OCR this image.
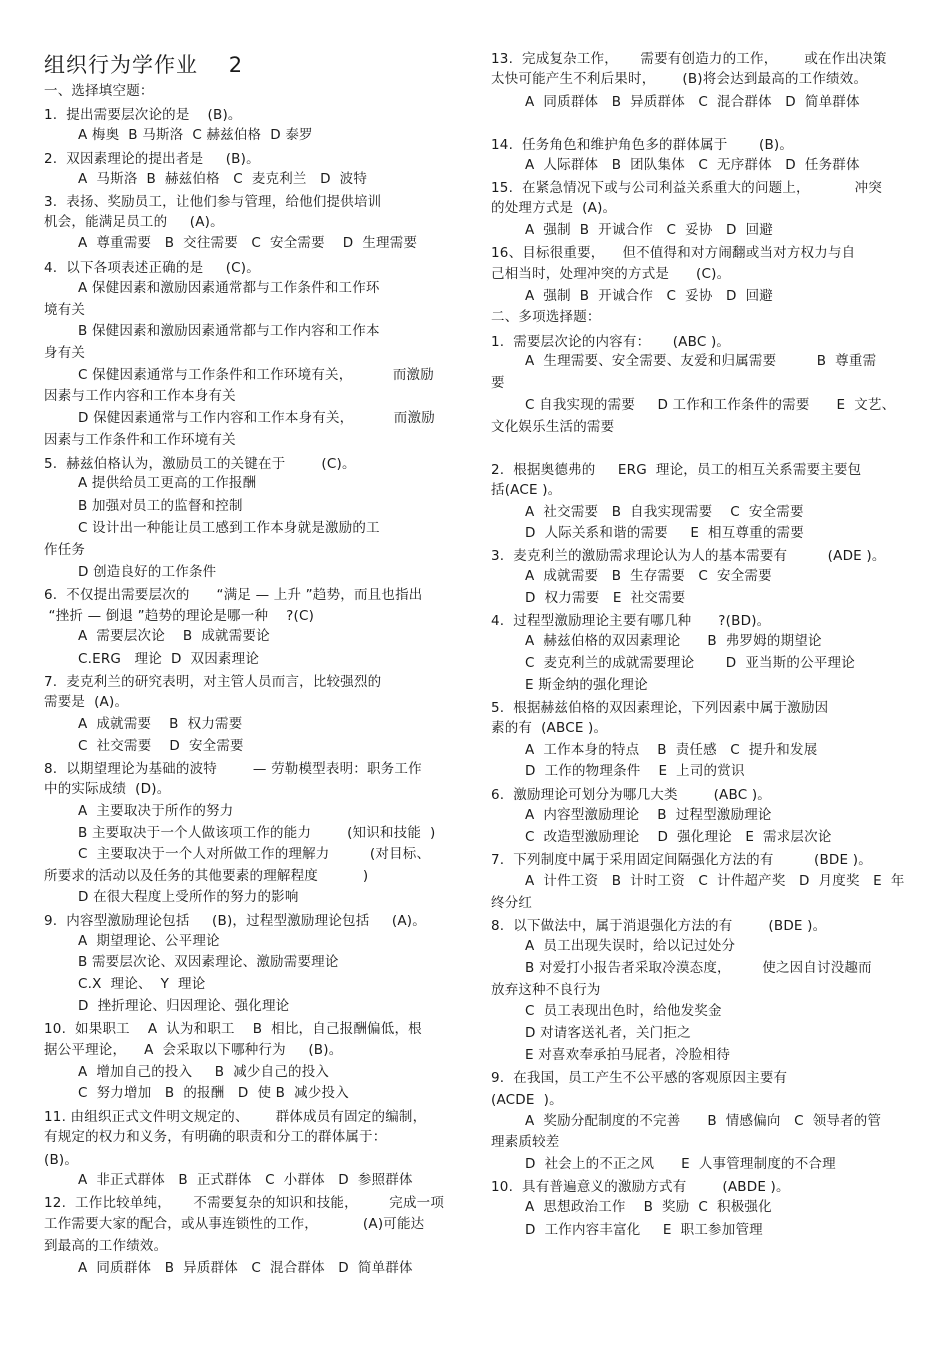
组织行为学作业    2
一、选择填空题：
1.  提出需要层次论的是    (B)。
A 梅奥  B 马斯洛  C 赫兹伯格  D 泰罗
2.  双因素理论的提出者是     (B)。
A  马斯洛  B  赫兹伯格   C  麦克利兰   D  波特
3.  表扬、奖励员工，让他们参与管理，给他们提供培训
机会，能满足员工的     (A)。
A  尊重需要   B  交往需要   C  安全需要    D  生理需要
4.  以下各项表述正确的是     (C)。
A 保健因素和激励因素通常都与工作条件和工作环
境有关
B 保健因素和激励因素通常都与工作内容和工作本
身有关
C 保健因素通常与工作条件和工作环境有关，         而激励
因素与工作内容和工作本身有关
D 保健因素通常与工作内容和工作本身有关，         而激励
因素与工作条件和工作环境有关
5.  赫兹伯格认为，激励员工的关键在于        (C)。
A 提供给员工更高的工作报酬
B 加强对员工的监督和控制
C 设计出一种能让员工感到工作本身就是激励的工
作任务
D 创造良好的工作条件
6.  不仅提出需要层次的      “满足 — 上升 ”趋势，而且也指出
“挫折 — 倒退 ”趋势的理论是哪一种    ?(C)
A  需要层次论    B  成就需要论
C.ERG   理论  D  双因素理论
7.  麦克利兰的研究表明，对主管人员而言，比较强烈的
需要是  (A)。
A  成就需要    B  权力需要
C  社交需要    D  安全需要
8.  以期望理论为基础的波特        — 劳勒模型表明：职务工作
中的实际成绩  (D)。
A  主要取决于所作的努力
B 主要取决于一个人做该项工作的能力        (知识和技能  )
C  主要取决于一个人对所做工作的理解力         (对目标、
所要求的活动以及任务的其他要素的理解程度          )
D 在很大程度上受所作的努力的影响
9.  内容型激励理论包括     (B)，过程型激励理论包括     (A)。
A  期望理论、公平理论
B 需要层次论、双因素理论、激励需要理论
C.X  理论、  Y  理论
D  挫折理论、归因理论、强化理论
10.  如果职工    A  认为和职工    B  相比，自己报酬偏低，根
据公平理论，    A  会采取以下哪种行为     (B)。
A  增加自己的投入     B  减少自己的投入
C  努力增加   B  的报酬   D  使 B  减少投入
11. 由组织正式文件明文规定的、      群体成员有固定的编制，
有规定的权力和义务，有明确的职责和分工的群体属于：
(B)。
A  非正式群体   B  正式群体   C  小群体   D  参照群体
12.  工作比较单纯，     不需要复杂的知识和技能，       完成一项
工作需要大家的配合，或从事连锁性的工作，          (A)可能达
到最高的工作绩效。
A  同质群体   B  异质群体   C  混合群体   D  简单群体
13.  完成复杂工作，     需要有创造力的工作，      或在作出决策
太快可能产生不利后果时，      (B)将会达到最高的工作绩效。
A  同质群体   B  异质群体   C  混合群体   D  简单群体
14.  任务角色和维护角色多的群体属于       (B)。
A  人际群体   B  团队集体   C  无序群体   D  任务群体
15.  在紧急情况下或与公司利益关系重大的问题上，          冲突
的处理方式是  (A)。
A  强制  B  开诚合作   C  妥协   D  回避
16、目标很重要，    但不值得和对方闹翻或当对方权力与自
己相当时，处理冲突的方式是      (C)。
A  强制  B  开诚合作   C  妥协   D  回避
二、多项选择题：
1.  需要层次论的内容有：     (ABC )。
A  生理需要、安全需要、友爱和归属需要         B  尊重需
要
C 自我实现的需要     D 工作和工作条件的需要      E  文艺、
文化娱乐生活的需要
2.  根据奥德弗的     ERG  理论，员工的相互关系需要主要包
括(ACE )。
A  社交需要   B  自我实现需要    C  安全需要
D  人际关系和谐的需要     E  相互尊重的需要
3.  麦克利兰的激励需求理论认为人的基本需要有         (ADE )。
A  成就需要   B  生存需要   C  安全需要
D  权力需要   E  社交需要
4.  过程型激励理论主要有哪几种      ?(BD)。
A  赫兹伯格的双因素理论      B  弗罗姆的期望论
C  麦克利兰的成就需要理论       D  亚当斯的公平理论
E 斯金纳的强化理论
5.  根据赫兹伯格的双因素理论，下列因素中属于激励因
素的有  (ABCE )。
A  工作本身的特点    B  责任感   C  提升和发展
D  工作的物理条件    E  上司的赏识
6.  激励理论可划分为哪几大类        (ABC )。
A  内容型激励理论    B  过程型激励理论
C  改造型激励理论    D  强化理论   E  需求层次论
7.  下列制度中属于采用固定间隔强化方法的有         (BDE )。
A  计件工资   B  计时工资   C  计件超产奖   D  月度奖   E  年
终分红
8.  以下做法中，属于消退强化方法的有        (BDE )。
A  员工出现失误时，给以记过处分
B 对爱打小报告者采取冷漠态度，       使之因自讨没趣而
放弃这种不良行为
C  员工表现出色时，给他发奖金
D 对请客送礼者，关门拒之
E 对喜欢奉承拍马屁者，冷脸相待
9.  在我国，员工产生不公平感的客观原因主要有
(ACDE  )。
A  奖励分配制度的不完善      B  情感偏向   C  领导者的管
理素质较差
D  社会上的不正之风      E  人事管理制度的不合理
10.  具有普遍意义的激励方式有        (ABDE )。
A  思想政治工作    B  奖励  C  积极强化
D  工作内容丰富化     E  职工参加管理
